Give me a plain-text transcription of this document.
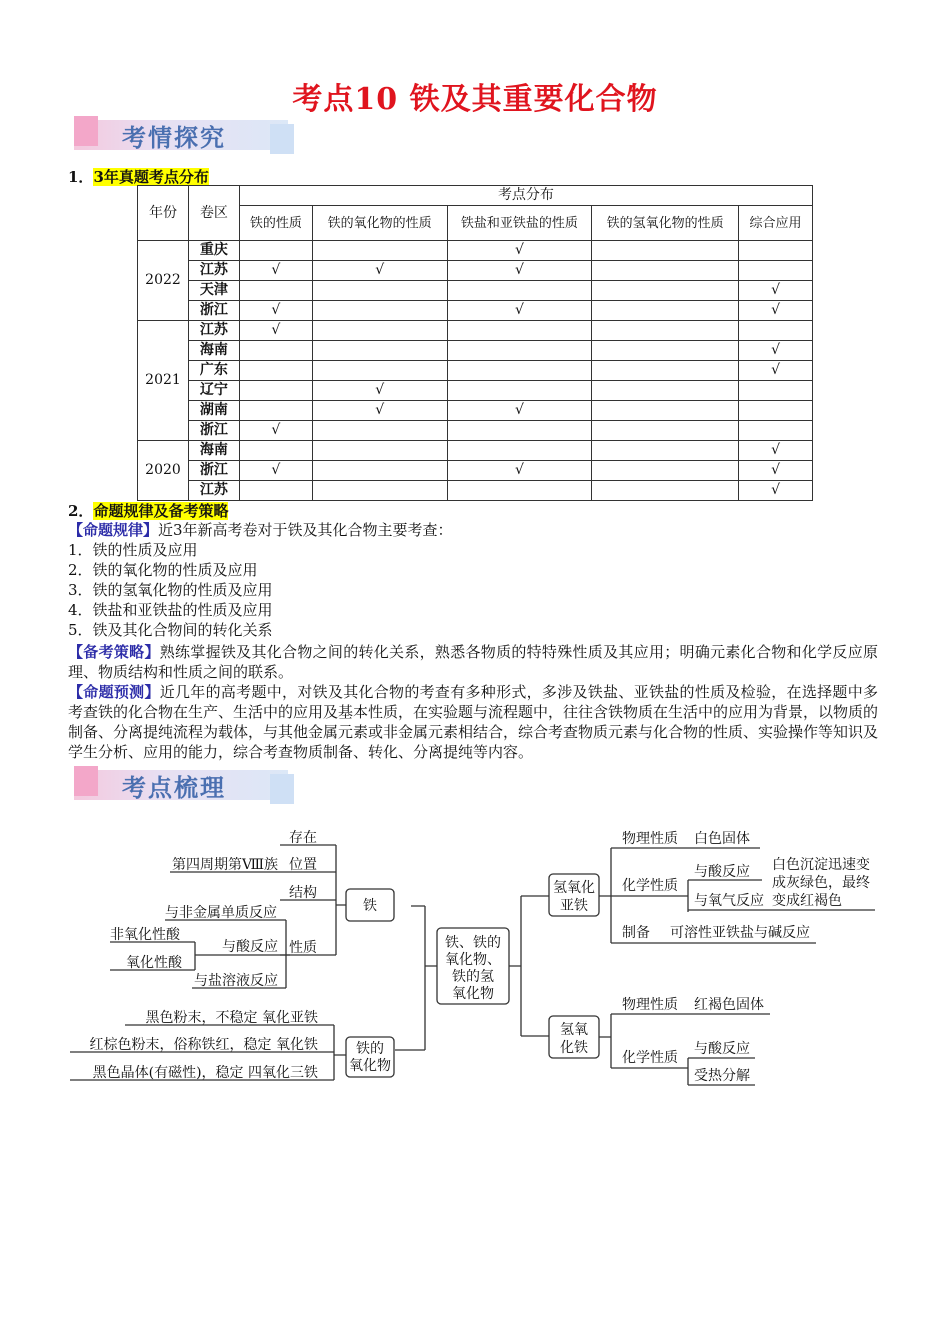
考点10 铁及其重要化合物
考情探究
1．3年真题考点分布
年份	卷区	考点分布				
		铁的性质	铁的氧化物的性质	铁盐和亚铁盐的性质	铁的氢氧化物的性质	综合应用
2022	重庆			√		
	江苏	√	√	√		
	天津					√
	浙江	√		√		√
2021	江苏	√				
	海南					√
	广东					√
	辽宁		√			
	湖南		√	√		
	浙江	√				
2020	海南					√
	浙江	√		√		√
	江苏					√
2．命题规律及备考策略
【命题规律】近3年新高考卷对于铁及其化合物主要考查：
1．铁的性质及应用
2．铁的氧化物的性质及应用
3．铁的氢氧化物的性质及应用
4．铁盐和亚铁盐的性质及应用
5．铁及其化合物间的转化关系
【备考策略】熟练掌握铁及其化合物之间的转化关系，熟悉各物质的特特殊性质及其应用；明确元素化合物和化学反应原理、物质结构和性质之间的联系。
【命题预测】近几年的高考题中，对铁及其化合物的考查有多种形式，多涉及铁盐、亚铁盐的性质及检验，在选择题中多考查铁的化合物在生产、生活中的应用及基本性质，在实验题与流程题中，往往含铁物质在生活中的应用为背景，以物质的制备、分离提纯流程为载体，与其他金属元素或非金属元素相结合，综合考查物质元素与化合物的性质、实验操作等知识及学生分析、应用的能力，综合考查物质制备、转化、分离提纯等内容。
考点梳理
铁、铁的
氧化物、
铁的氢
氧化物
铁
存在
位置
结构
性质
第四周期第Ⅷ族
与非金属单质反应
与酸反应
与盐溶液反应
非氧化性酸
氧化性酸
铁的
氧化物
黑色粉末，不稳定 氧化亚铁
红棕色粉末，俗称铁红，稳定 氧化铁
黑色晶体(有磁性)，稳定 四氧化三铁
氢氧化
亚铁
物理性质 白色固体
化学性质
与酸反应
与氧气反应
白色沉淀迅速变
成灰绿色，最终
变成红褐色
制备 可溶性亚铁盐与碱反应
氢氧
化铁
物理性质 红褐色固体
化学性质
与酸反应
受热分解
